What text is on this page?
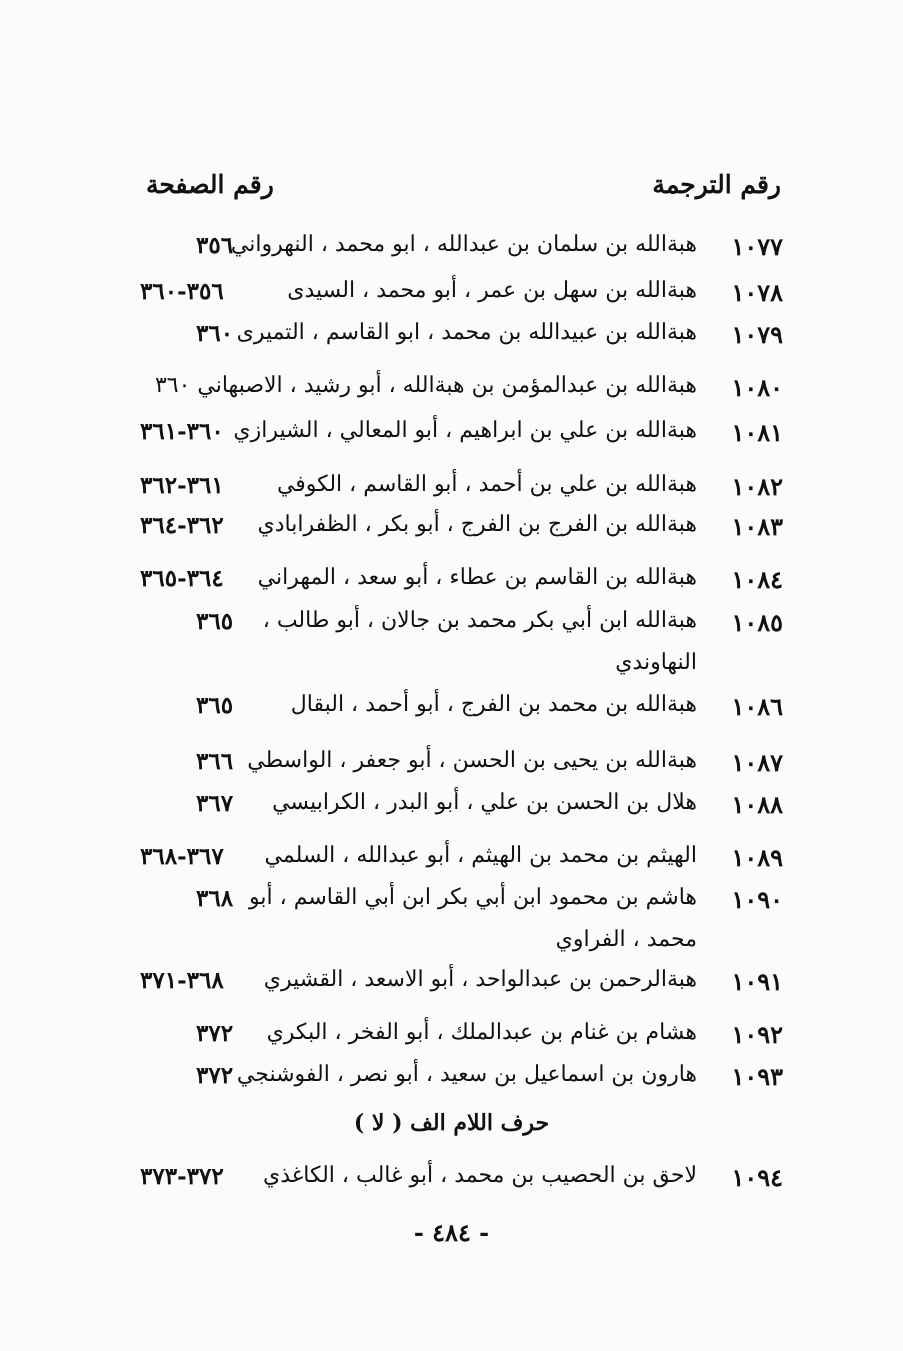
رقم الترجمة
رقم الصفحة
١٠٧٧
هبةالله بن سلمان بن عبدالله ، ابو محمد ، النهرواني
٣٥٦
١٠٧٨
هبةالله بن سهل بن عمر ، أبو محمد ، السيدى
٣٥٦-٣٦٠
١٠٧٩
هبةالله بن عبيدالله بن محمد ، ابو القاسم ، التميرى
٣٦٠
١٠٨٠
هبةالله بن عبدالمؤمن بن هبةالله ، أبو رشيد ، الاصبهاني ٣٦٠
١٠٨١
هبةالله بن علي بن ابراهيم ، أبو المعالي ، الشيرازي
٣٦٠-٣٦١
١٠٨٢
هبةالله بن علي بن أحمد ، أبو القاسم ، الكوفي
٣٦١-٣٦٢
١٠٨٣
هبةالله بن الفرج بن الفرج ، أبو بكر ، الظفرابادي
٣٦٢-٣٦٤
١٠٨٤
هبةالله بن القاسم بن عطاء ، أبو سعد ، المهراني
٣٦٤-٣٦٥
١٠٨٥
هبةالله ابن أبي بكر محمد بن جالان ، أبو طالب ،
النهاوندي
٣٦٥
١٠٨٦
هبةالله بن محمد بن الفرج ، أبو أحمد ، البقال
٣٦٥
١٠٨٧
هبةالله بن يحيى بن الحسن ، أبو جعفر ، الواسطي
٣٦٦
١٠٨٨
هلال بن الحسن بن علي ، أبو البدر ، الكرابيسي
٣٦٧
١٠٨٩
الهيثم بن محمد بن الهيثم ، أبو عبدالله ، السلمي
٣٦٧-٣٦٨
١٠٩٠
هاشم بن محمود ابن أبي بكر ابن أبي القاسم ، أبو
محمد ، الفراوي
٣٦٨
١٠٩١
هبةالرحمن بن عبدالواحد ، أبو الاسعد ، القشيري
٣٦٨-٣٧١
١٠٩٢
هشام بن غنام بن عبدالملك ، أبو الفخر ، البكري
٣٧٢
١٠٩٣
هارون بن اسماعيل بن سعيد ، أبو نصر ، الفوشنجي
٣٧٢
حرف اللام الف ( لا )
١٠٩٤
لاحق بن الحصيب بن محمد ، أبو غالب ، الكاغذي
٣٧٢-٣٧٣
- ٤٨٤ -
